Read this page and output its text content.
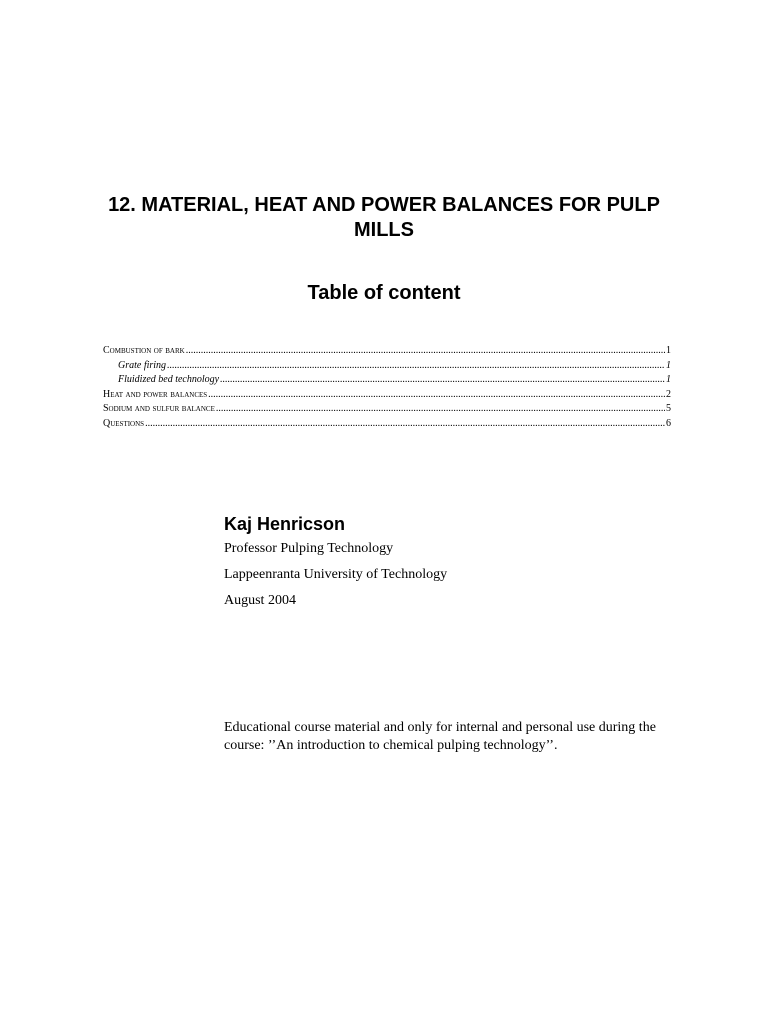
12. MATERIAL, HEAT AND POWER BALANCES FOR PULP MILLS
Table of content
Combustion of bark .....	1
Grate firing .....	1
Fluidized bed technology .....	1
Heat and power balances .....	2
Sodium and sulfur balance .....	5
Questions .....	6
Kaj Henricson
Professor Pulping Technology
Lappeenranta University of Technology
August 2004

Educational course material and only for internal and personal use during the course: ’’An introduction to chemical pulping technology’’.
